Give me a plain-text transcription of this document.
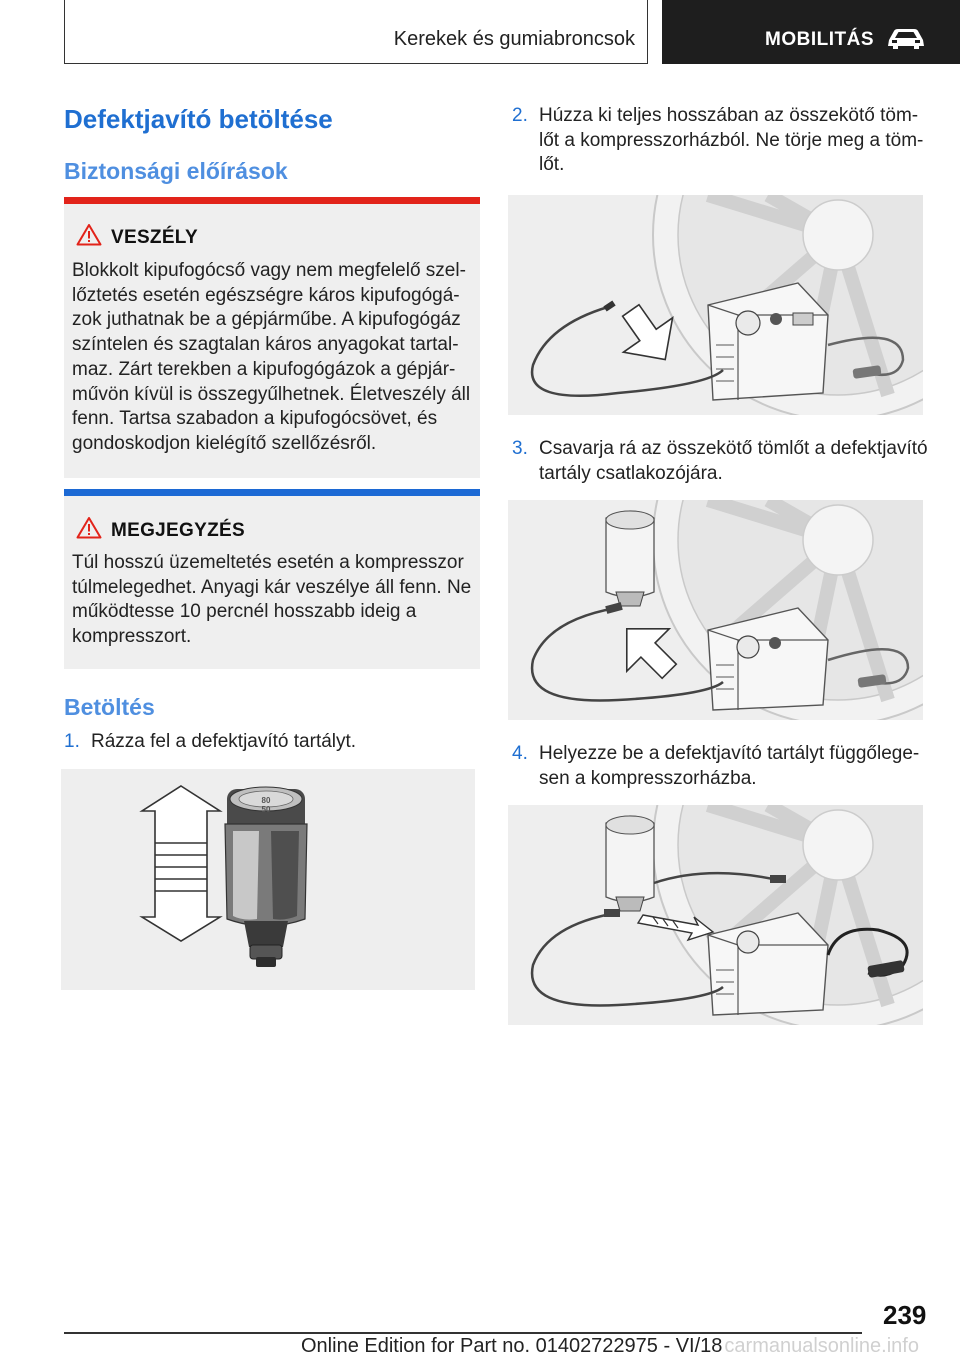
Kerekek és gumiabroncsok	MOBILITÁS
Defektjavító betöltése
Biztonsági előírások
VESZÉLY
Blokkolt kipufogócső vagy nem megfelelő szel-
lőztetés esetén egészségre káros kipufogógá-
zok juthatnak be a gépjárműbe. A kipufogógáz
színtelen és szagtalan káros anyagokat tartal-
maz. Zárt terekben a kipufogógázok a gépjár-
művön kívül is összegyűlhetnek. Életveszély áll
fenn. Tartsa szabadon a kipufogócsövet, és
gondoskodjon kielégítő szellőzésről.
MEGJEGYZÉS
Túl hosszú üzemeltetés esetén a kompresszor
túlmelegedhet. Anyagi kár veszélye áll fenn. Ne
működtesse 10 percnél hosszabb ideig a
kompresszort.
Betöltés
1. Rázza fel a defektjavító tartályt.
80
50
2. Húzza ki teljes hosszában az összekötő töm-
lőt a kompresszorházból. Ne törje meg a töm-
lőt.
3. Csavarja rá az összekötő tömlőt a defektjavító
tartály csatlakozójára.
4. Helyezze be a defektjavító tartályt függőlege-
sen a kompresszorházba.
239
Online Edition for Part no. 01402722975 - VI/18 carmanualsonline.info
